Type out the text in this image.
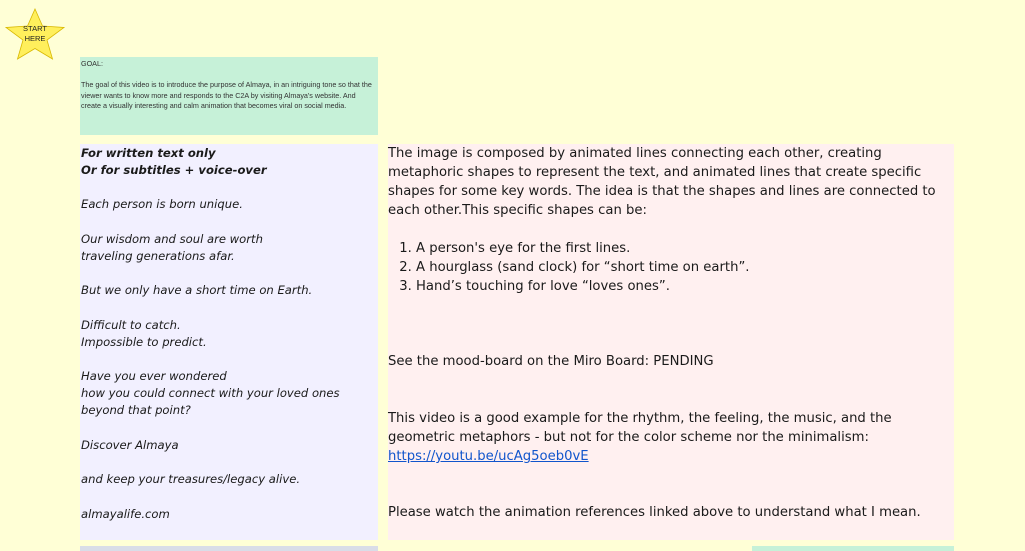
START
HERE
GOAL:
The goal of this video is to introduce the purpose of Almaya, in an intriguing tone so that the viewer wants to know more and responds to the C2A by visiting Almaya's website. And create a visually interesting and calm animation that becomes viral on social media.

For written text only
Or for subtitles + voice-over

Each person is born unique.

Our wisdom and soul are worth
traveling generations afar.

But we only have a short time on Earth.

Difficult to catch.
Impossible to predict.

Have you ever wondered
how you could connect with your loved ones
beyond that point?

Discover Almaya

and keep your treasures/legacy alive.

almayalife.com

The image is composed by animated lines connecting each other, creating metaphoric shapes to represent the text, and animated lines that create specific shapes for some key words. The idea is that the shapes and lines are connected to each other.This specific shapes can be:

1. A person's eye for the first lines.
2. A hourglass (sand clock) for “short time on earth”.
3. Hand’s touching for love “loves ones”.

See the mood-board on the Miro Board: PENDING

This video is a good example for the rhythm, the feeling, the music, and the geometric metaphors - but not for the color scheme nor the minimalism:

https://youtu.be/ucAg5oeb0vE

Please watch the animation references linked above to understand what I mean.
